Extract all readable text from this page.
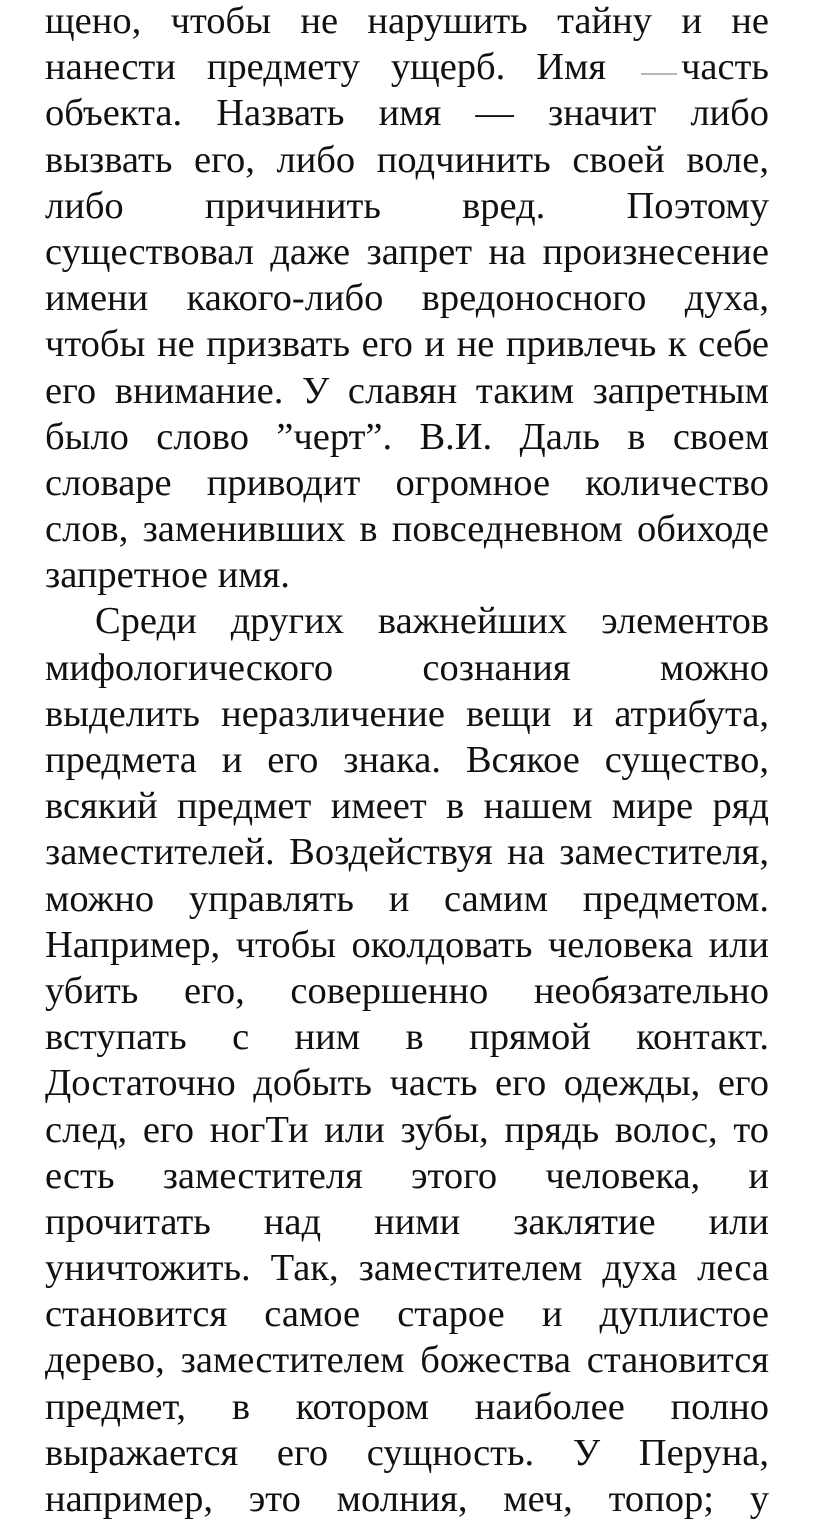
щено, чтобы не нарушить тайну и не
нанести предмету ущерб. Имя часть
объекта. Назвать имя — значит либо
вызвать его, либо подчинить своей воле,
либо причинить вред. Поэтому
существовал даже запрет на произнесение
имени какого-либо вредоносного духа,
чтобы не призвать его и не привлечь к себе
его внимание. У славян таким запретным
было слово ”черт”. В.И. Даль в своем
словаре приводит огромное количество
слов, заменивших в повседневном обиходе
запретное имя.
Среди других важнейших элементов
мифологического сознания можно
выделить неразличение вещи и атрибута,
предмета и его знака. Всякое существо,
всякий предмет имеет в нашем мире ряд
заместителей. Воздействуя на заместителя,
можно управлять и самим предметом.
Например, чтобы околдовать человека или
убить его, совершенно необязательно
вступать с ним в прямой контакт.
Достаточно добыть часть его одежды, его
след, его ногТи или зубы, прядь волос, то
есть заместителя этого человека, и
прочитать над ними заклятие или
уничтожить. Так, заместителем духа леса
становится самое старое и дуплистое
дерево, заместителем божества становится
предмет, в котором наиболее полно
выражается его сущность. У Перуна,
например, это молния, меч, топор; у
